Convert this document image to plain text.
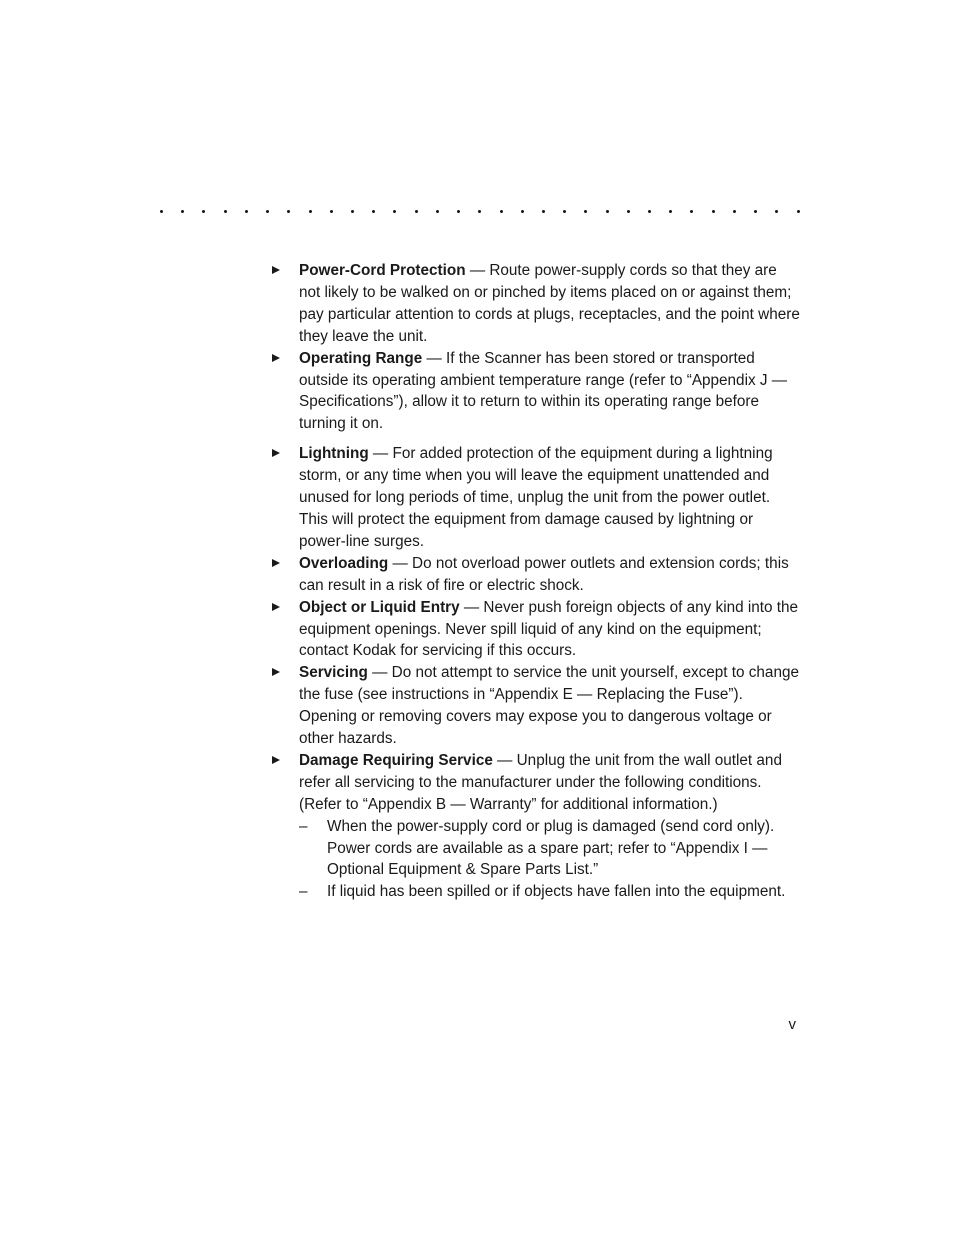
Power-Cord Protection — Route power-supply cords so that they are not likely to be walked on or pinched by items placed on or against them; pay particular attention to cords at plugs, receptacles, and the point where they leave the unit.
Operating Range — If the Scanner has been stored or transported outside its operating ambient temperature range (refer to “Appendix J — Specifications”), allow it to return to within its operating range before turning it on.
Lightning — For added protection of the equipment during a lightning storm, or any time when you will leave the equipment unattended and unused for long periods of time, unplug the unit from the power outlet. This will protect the equipment from damage caused by lightning or power-line surges.
Overloading — Do not overload power outlets and extension cords; this can result in a risk of fire or electric shock.
Object or Liquid Entry — Never push foreign objects of any kind into the equipment openings. Never spill liquid of any kind on the equipment; contact Kodak for servicing if this occurs.
Servicing — Do not attempt to service the unit yourself, except to change the fuse (see instructions in “Appendix E — Replacing the Fuse”). Opening or removing covers may expose you to dangerous voltage or other hazards.
Damage Requiring Service — Unplug the unit from the wall outlet and refer all servicing to the manufacturer under the following conditions. (Refer to “Appendix B — Warranty” for additional information.)
– When the power-supply cord or plug is damaged (send cord only). Power cords are available as a spare part; refer to “Appendix I — Optional Equipment & Spare Parts List.”
– If liquid has been spilled or if objects have fallen into the equipment.
v
